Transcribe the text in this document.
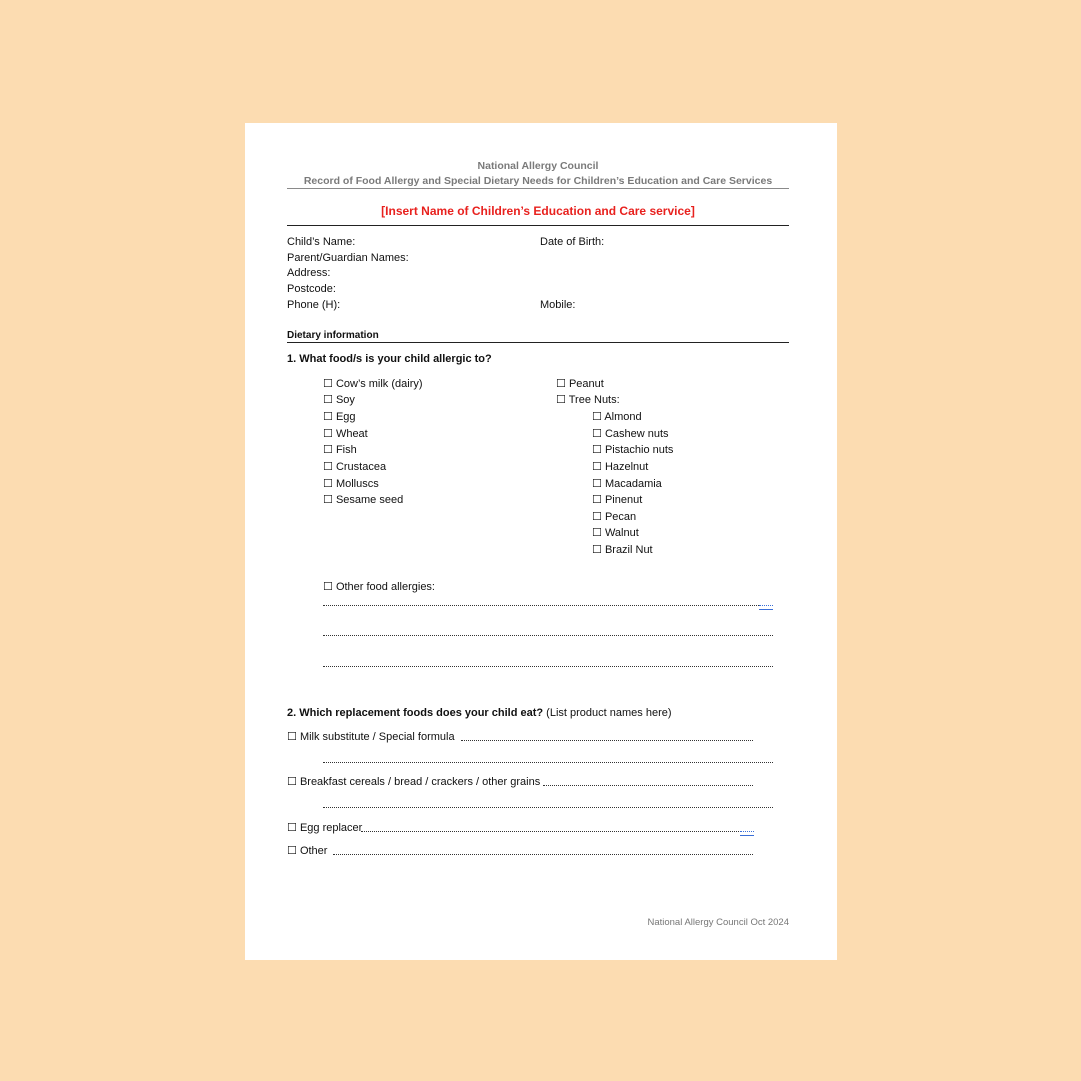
National Allergy Council
Record of Food Allergy and Special Dietary Needs for Children’s Education and Care Services
[Insert Name of Children’s Education and Care service]
Child’s Name:	Date of Birth:
Parent/Guardian Names:
Address:
Postcode:
Phone (H):	Mobile:
Dietary information
1. What food/s is your child allergic to?
☐ Cow’s milk (dairy)
☐ Soy
☐ Egg
☐ Wheat
☐ Fish
☐ Crustacea
☐ Molluscs
☐ Sesame seed
☐ Peanut
☐ Tree Nuts:
☐ Almond
☐ Cashew nuts
☐ Pistachio nuts
☐ Hazelnut
☐ Macadamia
☐ Pinenut
☐ Pecan
☐ Walnut
☐ Brazil Nut
☐ Other food allergies:
2. Which replacement foods does your child eat? (List product names here)
☐ Milk substitute / Special formula
☐ Breakfast cereals / bread / crackers / other grains
☐ Egg replacer
☐ Other
National Allergy Council Oct 2024
